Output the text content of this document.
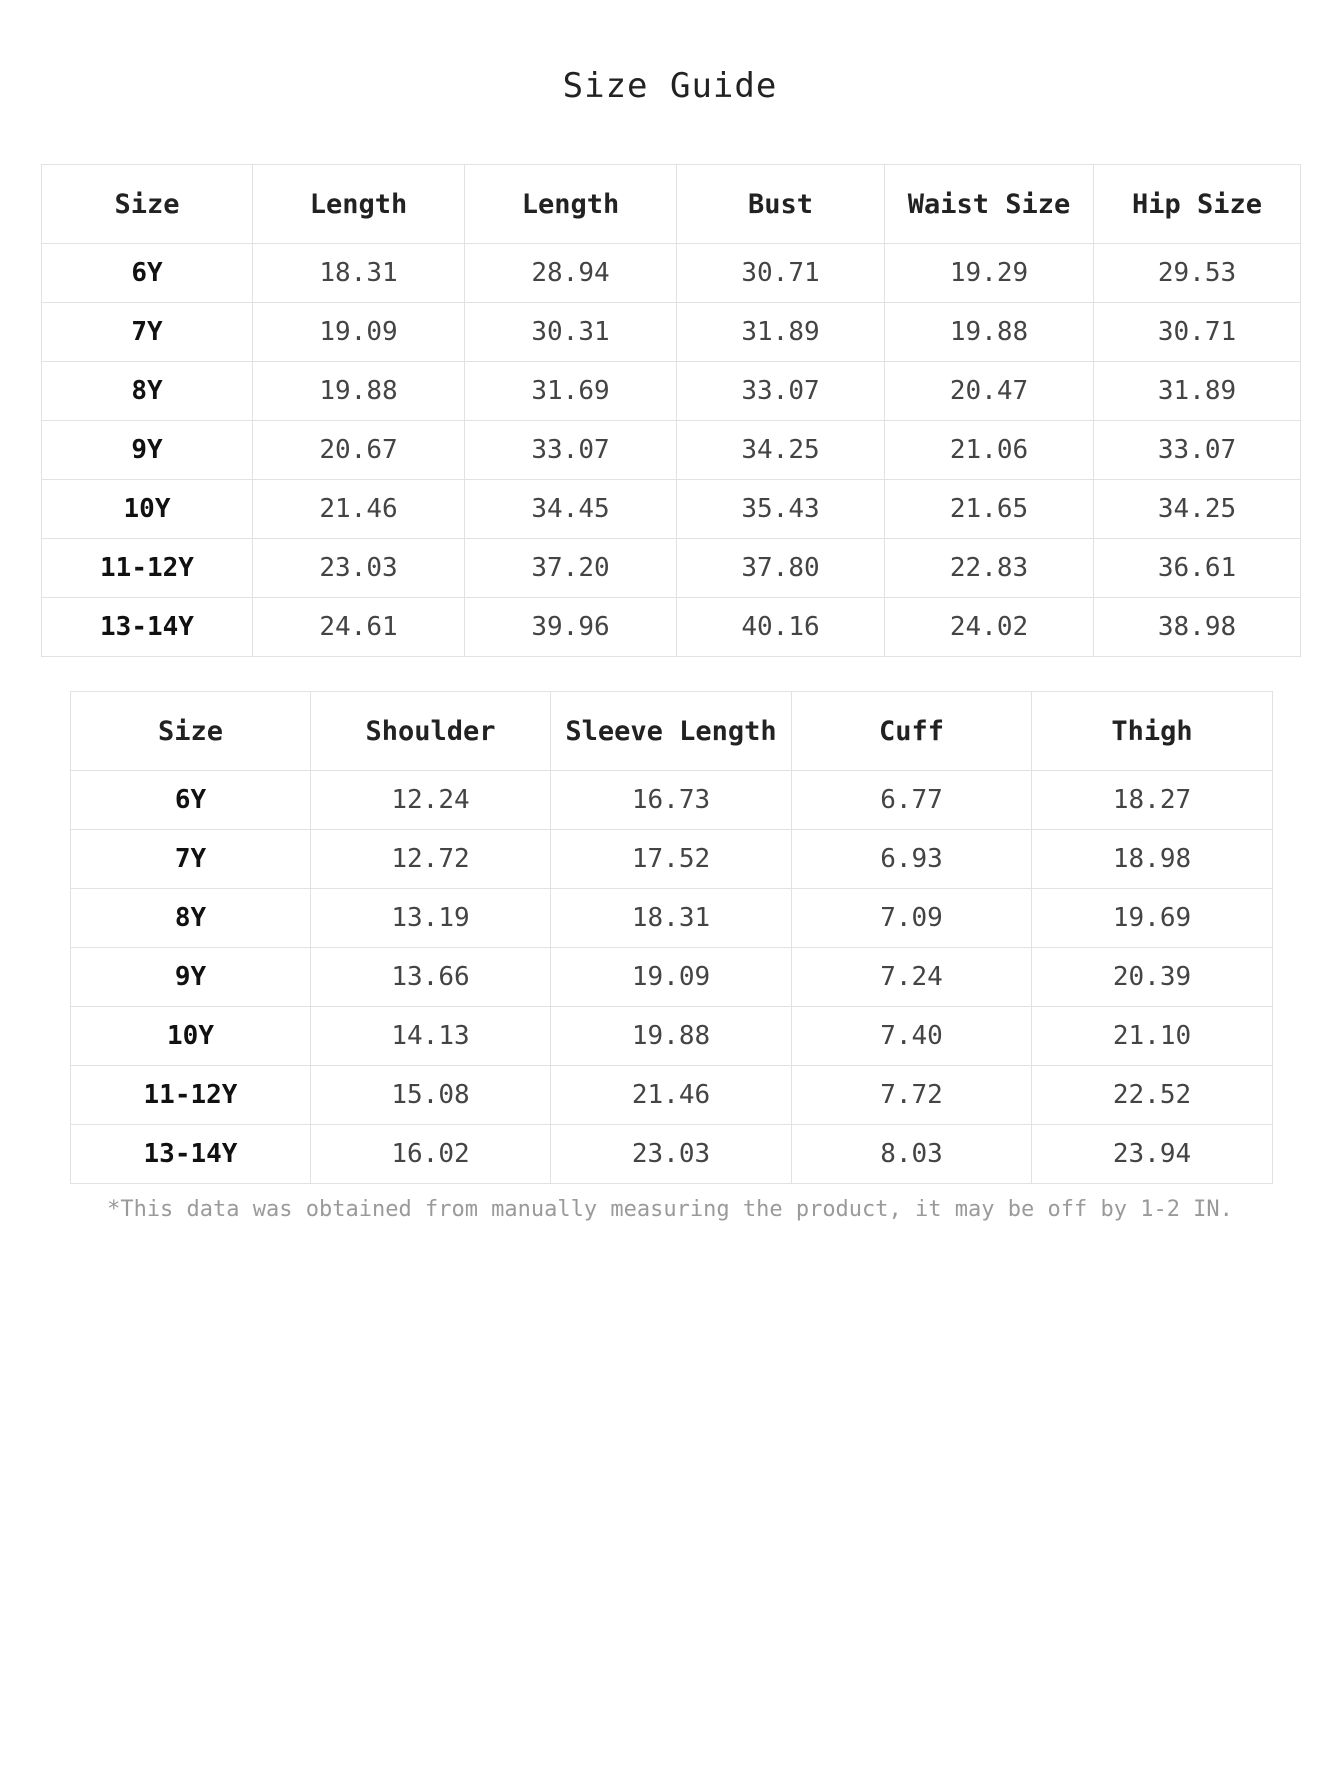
Size Guide
Size	Length	Length	Bust	Waist Size	Hip Size
6Y	18.31	28.94	30.71	19.29	29.53
7Y	19.09	30.31	31.89	19.88	30.71
8Y	19.88	31.69	33.07	20.47	31.89
9Y	20.67	33.07	34.25	21.06	33.07
10Y	21.46	34.45	35.43	21.65	34.25
11-12Y	23.03	37.20	37.80	22.83	36.61
13-14Y	24.61	39.96	40.16	24.02	38.98
Size	Shoulder	Sleeve Length	Cuff	Thigh
6Y	12.24	16.73	6.77	18.27
7Y	12.72	17.52	6.93	18.98
8Y	13.19	18.31	7.09	19.69
9Y	13.66	19.09	7.24	20.39
10Y	14.13	19.88	7.40	21.10
11-12Y	15.08	21.46	7.72	22.52
13-14Y	16.02	23.03	8.03	23.94
*This data was obtained from manually measuring the product, it may be off by 1-2 IN.
